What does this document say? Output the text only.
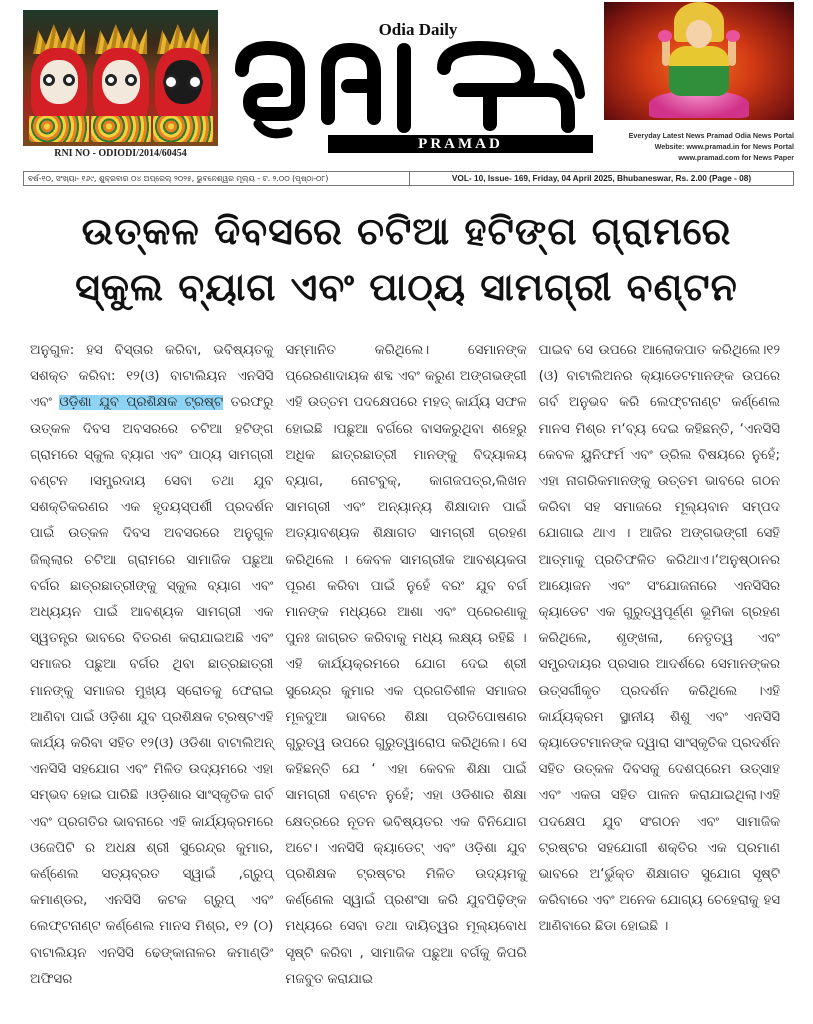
RNI NO - ODIODI/2014/60454
Odia Daily
PRAMAD
Everyday Latest News Pramad Odia News Portal
Website: www.pramad.in for News Portal
www.pramad.com for News Paper
ବର୍ଷ-୧୦, ସଂଖ୍ୟା- ୧୬୯, ଶୁକ୍ରବାର ୦୪ ଅପ୍ରେଲ୍ ୨୦୨୫, ଭୁବନେଶ୍ୱର ମୂଲ୍ୟ - ଟ. ୨.୦୦ (ପୃଷ୍ଠା-୦୮)	VOL- 10, Issue- 169, Friday, 04 April 2025, Bhubaneswar, Rs. 2.00 (Page - 08)
ଉତ୍କଳ ଦିବସରେ ଚଟିଆ ହଟିଙ୍ଗ ଗ୍ରାମରେ
ସ୍କୁଲ ବ୍ୟାଗ ଏବଂ ପାଠ୍ୟ ସାମଗ୍ରୀ ବଣ୍ଟନ
ଅନୁଗୁଳ: ହସ ବିସ୍ତାର କରିବା, ଭବିଷ୍ୟତକୁ ସଶକ୍ତ କରିବା: ୧୨(ଓ) ବାଟାଲିୟନ ଏନସିସି ଏବଂ ଓଡ଼ିଶା ଯୁବ ପ୍ରଶିକ୍ଷକ ଟ୍ରଷ୍ଟ ତରଫରୁ ଉତ୍କଳ ଦିବସ ଅବସରରେ ଚଟିଆ ହଟିଙ୍ଗ ଗ୍ରାମରେ ସ୍କୁଲ ବ୍ୟାଗ ଏବଂ ପାଠ୍ୟ ସାମଗ୍ରୀ ବଣ୍ଟନ ।ସମ୍ପ୍ରଦାୟ ସେବା ତଥା ଯୁବ ସଶକ୍ତିକରଣର ଏକ ହୃଦୟସ୍ପର୍ଶୀ ପ୍ରଦର୍ଶନ ପାଇଁ ଉତ୍କଳ ଦିବସ ଅବସରରେ ଅନୁଗୁଳ ଜିଲ୍ଲାର ଚଟିଆ ଗ୍ରାମରେ ସାମାଜିକ ପଛୁଆ ବର୍ଗର ଛାତ୍ରଛାତ୍ରୀଙ୍କୁ ସ୍କୁଲ ବ୍ୟାଗ ଏବଂ ଅଧ୍ୟୟନ ପାଇଁ ଆବଶ୍ୟକ ସାମଗ୍ରୀ ଏକ ସ୍ୱତନ୍ତ୍ର ଭାବରେ ବିତରଣ କରାଯାଇଅଛି ଏବଂ ସମାଜର ପଛୁଆ ବର୍ଗର ଥିବା ଛାତ୍ରଛାତ୍ରୀ ମାନଙ୍କୁ ସମାଜର ମୁଖ୍ୟ ସ୍ରୋତକୁ ଫେରାଇ ଆଣିବା ପାଇଁ ଓଡ଼ିଶା ଯୁବ ପ୍ରଶିକ୍ଷକ ଟ୍ରଷ୍ଟଏହି କାର୍ଯ୍ୟ କରିବା ସହିତ ୧୨(ଓ) ଓଡିଶା ବାଟାଲିଅନ୍ ଏନସିସି ସହଯୋଗ ଏବଂ ମିଳିତ ଉଦ୍ୟମରେ ଏହା ସମ୍ଭବ ହୋଇ ପାରିଛି ।ଓଡ଼ିଶାର ସାଂସ୍କୃତିକ ଗର୍ବ ଏବଂ ପ୍ରଗତିର ଭାବନାରେ ଏହି କାର୍ଯ୍ୟକ୍ରମରେ ଓଜେପିଟି ର ଅଧକ୍ଷ ଶ୍ରୀ ସୁରେନ୍ଦ୍ର କୁମାର, କର୍ଣ୍ଣେଲ ସତ୍ୟବ୍ରତ ସ୍ୱାଇଁ ,ଗ୍ରୁପ୍ କମାଣ୍ଡର, ଏନସିସି କଟକ ଗ୍ରୁପ୍ ଏବଂ ଲେଫ୍ଟନାଣ୍ଟ କର୍ଣ୍ଣେଲ ମାନସ ମିଶ୍ର, ୧୨ (୦) ବାଟାଲିୟନ ଏନସିସି ଢେଙ୍କାନାଳର କମାଣ୍ଡିଂ ଅଫିସର
ସମ୍ମାନିତ କରିଥିଲେ। ସେମାନଙ୍କ ପ୍ରେରଣାଦାୟକ ଶବ୍ଦ ଏବଂ କରୁଣ ଅଙ୍ଗଭଙ୍ଗୀ ଏହି ଉତ୍ତମ ପଦକ୍ଷେପରେ ମହତ୍ କାର୍ଯ୍ୟ ସଫଳ ହୋଇଛି ।ପଛୁଆ ବର୍ଗରେ ବାସକରୁଥିବା ଶହେରୁ ଅଧିକ ଛାତ୍ରଛାତ୍ରୀ ମାନଙ୍କୁ ବିଦ୍ୟାଳୟ ବ୍ୟାଗ, ନୋଟବୁକ୍, କାଗଜପତ୍ର,ଲିଖନ ସାମଗ୍ରୀ ଏବଂ ଅନ୍ୟାନ୍ୟ ଶିକ୍ଷାଦାନ ପାଇଁ ଅତ୍ୟାବଶ୍ୟକ ଶିକ୍ଷାଗତ ସାମଗ୍ରୀ ଗ୍ରହଣ କରିଥିଲେ । କେବଳ ସାମଗ୍ରୀକ ଆବଶ୍ୟକତା ପୂରଣ କରିବା ପାଇଁ ନୁହେଁ ବରଂ ଯୁବ ବର୍ଗ ମାନଙ୍କ ମଧ୍ୟରେ ଆଶା ଏବଂ ପ୍ରେରଣାକୁ ପୁନଃ ଜାଗ୍ରତ କରିବାକୁ ମଧ୍ୟ ଲକ୍ଷ୍ୟ ରହିଛି ।ଏହି କାର୍ଯ୍ୟକ୍ରମରେ ଯୋଗ ଦେଇ ଶ୍ରୀ ସୁରେନ୍ଦ୍ର କୁମାର ଏକ ପ୍ରଗତିଶୀଳ ସମାଜର ମୂଳଦୁଆ ଭାବରେ ଶିକ୍ଷା ପ୍ରତିପୋଷଣର ଗୁରୁତ୍ୱ ଉପରେ ଗୁରୁତ୍ୱାରୋପ କରିଥିଲେ। ସେ କହିଛନ୍ତି ଯେ ‘ ଏହା କେବଳ ଶିକ୍ଷା ପାଇଁ ସାମଗ୍ରୀ ବଣ୍ଟନ ନୁହେଁ; ଏହା ଓଡିଶାର ଶିକ୍ଷା କ୍ଷେତ୍ରରେ ନୂତନ ଭବିଷ୍ୟତର ଏକ ବିନିଯୋଗ ଅଟେ। ଏନସିସି କ୍ୟାଡେଟ୍ ଏବଂ ଓଡ଼ିଶା ଯୁବ ପ୍ରଶିକ୍ଷକ ଟ୍ରଷ୍ଟର ମିଳିତ ଉଦ୍ୟମକୁ କର୍ଣ୍ଣେଲ ସ୍ୱାଇଁ ପ୍ରଶଂସା କରି ଯୁବପିଢ଼ିଙ୍କ ମଧ୍ୟରେ ସେବା ତଥା ଦାୟିତ୍ୱର ମୂଲ୍ୟବୋଧ ସୃଷ୍ଟି କରିବା , ସାମାଜିକ ପଛୁଆ ବର୍ଗକୁ କିପରି ମଜବୁତ କରାଯାଇ
ପାଇବ ସେ ଉପରେ ଆଲୋକପାତ କରିଥିଲେ।୧୨ (ଓ) ବାଟାଲିଅନର କ୍ୟାଡେଟମାନଙ୍କ ଉପରେ ଗର୍ବ ଅନୁଭବ କରି ଲେଫ୍ଟନାଣ୍ଟ କର୍ଣ୍ଣେଲ ମାନସ ମିଶ୍ର ମ‘ବ୍ୟ ଦେଇ କହିଛନ୍ତି, ‘ଏନସିସି କେବଳ ୟୁନିଫର୍ମ ଏବଂ ଡ୍ରିଲ ବିଷୟରେ ନୁହେଁ; ଏହା ନାଗରିକମାନଙ୍କୁ ଉତ୍ତମ ଭାବରେ ଗଠନ କରିବା ସହ ସମାଜରେ ମୂଲ୍ୟବାନ ସମ୍ପଦ ଯୋଗାଇ ଥାଏ । ଆଜିର ଅଙ୍ଗଭଙ୍ଗୀ ସେହି ଆତ୍ମାକୁ ପ୍ରତିଫଳିତ କରିଥାଏ।‘ଅନୁଷ୍ଠାନର ଆୟୋଜନ ଏବଂ ସଂଯୋଜନାରେ ଏନସିସିର କ୍ୟାଡେଟ ଏକ ଗୁରୁତ୍ୱପୂର୍ଣ୍ଣ ଭୂମିକା ଗ୍ରହଣ କରିଥିଲେ, ଶୃଙ୍ଖଳା, ନେତୃତ୍ୱ ଏବଂ ସମ୍ପ୍ରଦାୟର ପ୍ରସାର ଆଦର୍ଶରେ ସେମାନଙ୍କର ଉତ୍ସର୍ଗୀକୃତ ପ୍ରଦର୍ଶନ କରିଥିଲେ ।ଏହି କାର୍ଯ୍ୟକ୍ରମ ସ୍ଥାନୀୟ ଶିଶୁ ଏବଂ ଏନସିସି କ୍ୟାଡେଟମାନଙ୍କ ଦ୍ୱାରା ସାଂସ୍କୃତିକ ପ୍ରଦର୍ଶନ ସହିତ ଉତ୍କଳ ଦିବସକୁ ଦେଶପ୍ରେମ ଉତ୍ସାହ ଏବଂ ଏକତା ସହିତ ପାଳନ କରାଯାଇଥିଲା।ଏହି ପଦକ୍ଷେପ ଯୁବ ସଂଗଠନ ଏବଂ ସାମାଜିକ ଟ୍ରଷ୍ଟର ସହଯୋଗୀ ଶକ୍ତିର ଏକ ପ୍ରମାଣ ଭାବରେ ଅ‘ର୍ଭୁକ୍ତ ଶିକ୍ଷାଗତ ସୁଯୋଗ ସୃଷ୍ଟି କରିବାରେ ଏବଂ ଅନେକ ଯୋଗ୍ୟ ଚେହେରାକୁ ହସ ଆଣିବାରେ ଛିଡା ହୋଇଛି ।
